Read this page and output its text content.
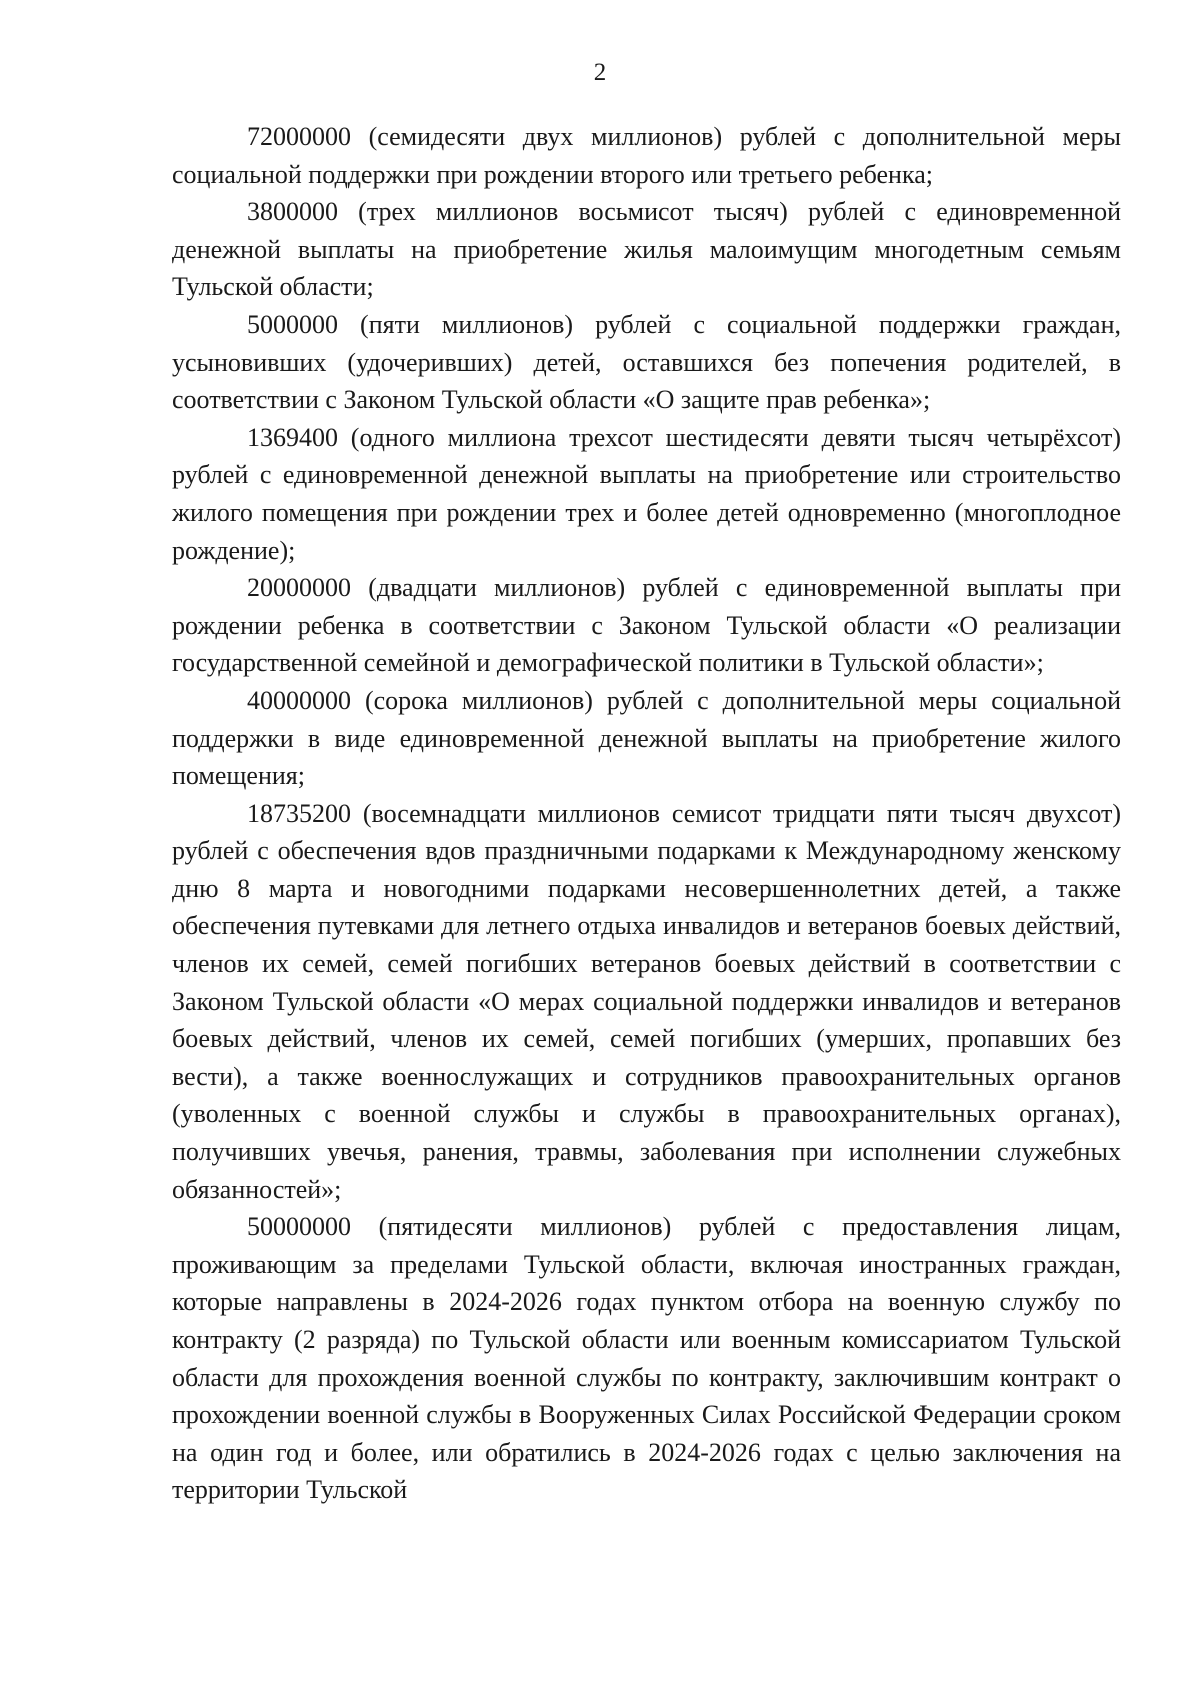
2

72000000 (семидесяти двух миллионов) рублей с дополнительной меры социальной поддержки при рождении второго или третьего ребенка;

3800000 (трех миллионов восьмисот тысяч) рублей с единовременной денежной выплаты на приобретение жилья малоимущим многодетным семьям Тульской области;

5000000 (пяти миллионов) рублей с социальной поддержки граждан, усыновивших (удочеривших) детей, оставшихся без попечения родителей, в соответствии с Законом Тульской области «О защите прав ребенка»;

1369400 (одного миллиона трехсот шестидесяти девяти тысяч четырёхсот) рублей с единовременной денежной выплаты на приобретение или строительство жилого помещения при рождении трех и более детей одновременно (многоплодное рождение);

20000000 (двадцати миллионов) рублей с единовременной выплаты при рождении ребенка в соответствии с Законом Тульской области «О реализации государственной семейной и демографической политики в Тульской области»;

40000000 (сорока миллионов) рублей с дополнительной меры социальной поддержки в виде единовременной денежной выплаты на приобретение жилого помещения;

18735200 (восемнадцати миллионов семисот тридцати пяти тысяч двухсот) рублей с обеспечения вдов праздничными подарками к Международному женскому дню 8 марта и новогодними подарками несовершеннолетних детей, а также обеспечения путевками для летнего отдыха инвалидов и ветеранов боевых действий, членов их семей, семей погибших ветеранов боевых действий в соответствии с Законом Тульской области «О мерах социальной поддержки инвалидов и ветеранов боевых действий, членов их семей, семей погибших (умерших, пропавших без вести), а также военнослужащих и сотрудников правоохранительных органов (уволенных с военной службы и службы в правоохранительных органах), получивших увечья, ранения, травмы, заболевания при исполнении служебных обязанностей»;

50000000 (пятидесяти миллионов) рублей с предоставления лицам, проживающим за пределами Тульской области, включая иностранных граждан, которые направлены в 2024-2026 годах пунктом отбора на военную службу по контракту (2 разряда) по Тульской области или военным комиссариатом Тульской области для прохождения военной службы по контракту, заключившим контракт о прохождении военной службы в Вооруженных Силах Российской Федерации сроком на один год и более, или обратились в 2024-2026 годах с целью заключения на территории Тульской
